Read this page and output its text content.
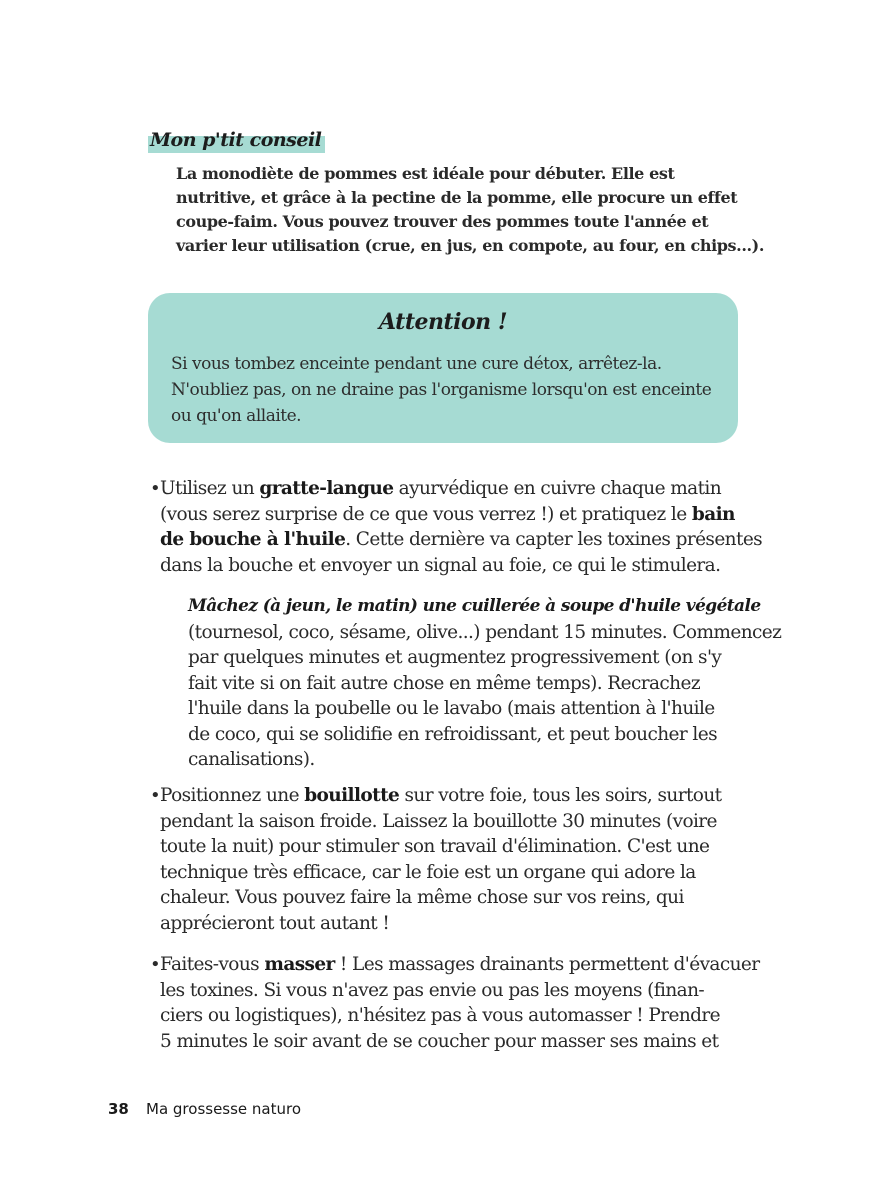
Mon p'tit conseil
La monodiète de pommes est idéale pour débuter. Elle est
nutritive, et grâce à la pectine de la pomme, elle procure un effet
coupe-faim. Vous pouvez trouver des pommes toute l'année et
varier leur utilisation (crue, en jus, en compote, au four, en chips...).
Attention !
Si vous tombez enceinte pendant une cure détox, arrêtez-la.
N'oubliez pas, on ne draine pas l'organisme lorsqu'on est enceinte
ou qu'on allaite.
• Utilisez un gratte-langue ayurvédique en cuivre chaque matin
(vous serez surprise de ce que vous verrez !) et pratiquez le bain
de bouche à l'huile. Cette dernière va capter les toxines présentes
dans la bouche et envoyer un signal au foie, ce qui le stimulera.
• Positionnez une bouillotte sur votre foie, tous les soirs, surtout
pendant la saison froide. Laissez la bouillotte 30 minutes (voire
toute la nuit) pour stimuler son travail d'élimination. C'est une
technique très efficace, car le foie est un organe qui adore la
chaleur. Vous pouvez faire la même chose sur vos reins, qui
apprécieront tout autant !
• Faites-vous masser ! Les massages drainants permettent d'évacuer
les toxines. Si vous n'avez pas envie ou pas les moyens (finan-
ciers ou logistiques), n'hésitez pas à vous automasser ! Prendre
5 minutes le soir avant de se coucher pour masser ses mains et
Mâchez (à jeun, le matin) une cuillerée à soupe d'huile végétale
(tournesol, coco, sésame, olive...) pendant 15 minutes. Commencez
par quelques minutes et augmentez progressivement (on s'y
fait vite si on fait autre chose en même temps). Recrachez
l'huile dans la poubelle ou le lavabo (mais attention à l'huile
de coco, qui se solidifie en refroidissant, et peut boucher les
canalisations).
38 Ma grossesse naturo
